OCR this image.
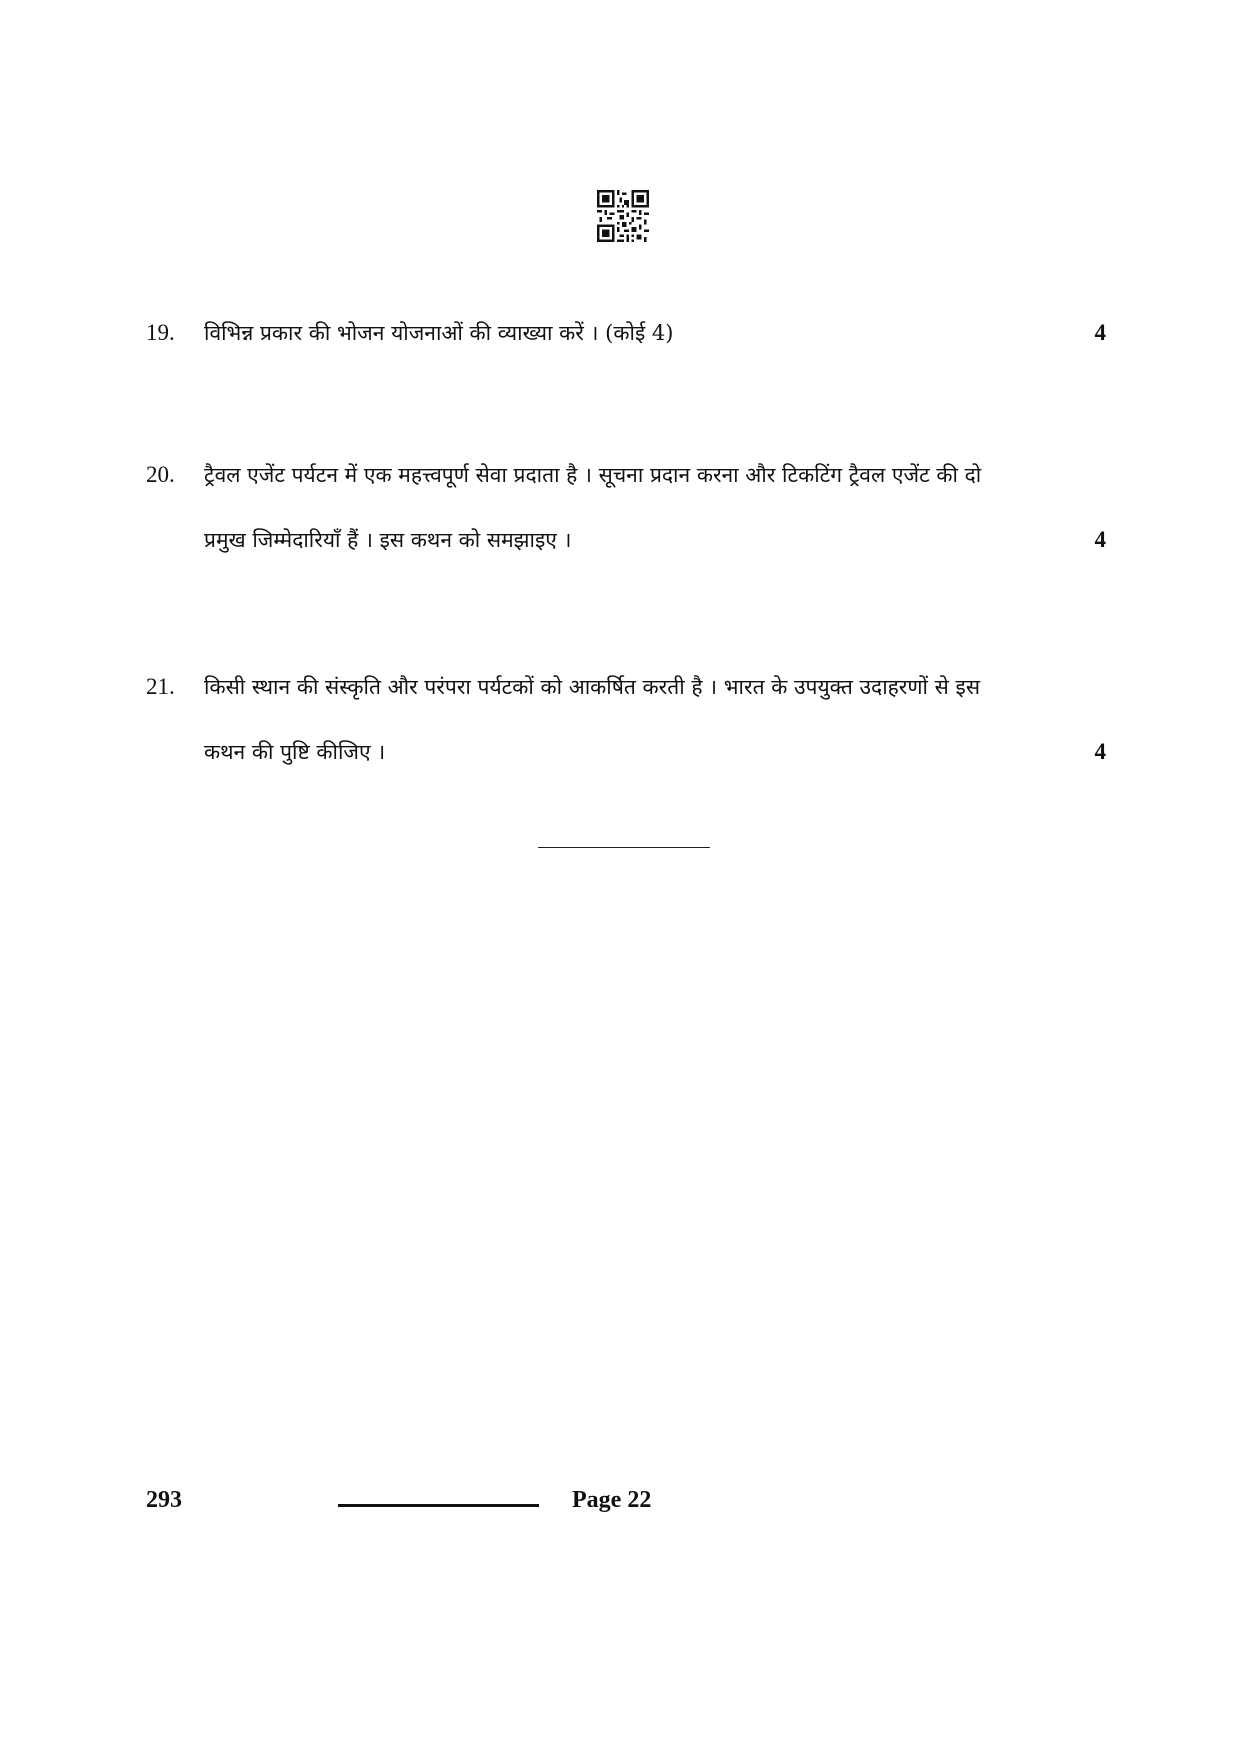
19. विभिन्न प्रकार की भोजन योजनाओं की व्याख्या करें । (कोई 4)	4
20. ट्रैवल एजेंट पर्यटन में एक महत्त्वपूर्ण सेवा प्रदाता है । सूचना प्रदान करना और टिकटिंग ट्रैवल एजेंट की दो
प्रमुख जिम्मेदारियाँ हैं । इस कथन को समझाइए ।	4
21. किसी स्थान की संस्कृति और परंपरा पर्यटकों को आकर्षित करती है । भारत के उपयुक्त उदाहरणों से इस
कथन की पुष्टि कीजिए ।	4
293	Page 22
